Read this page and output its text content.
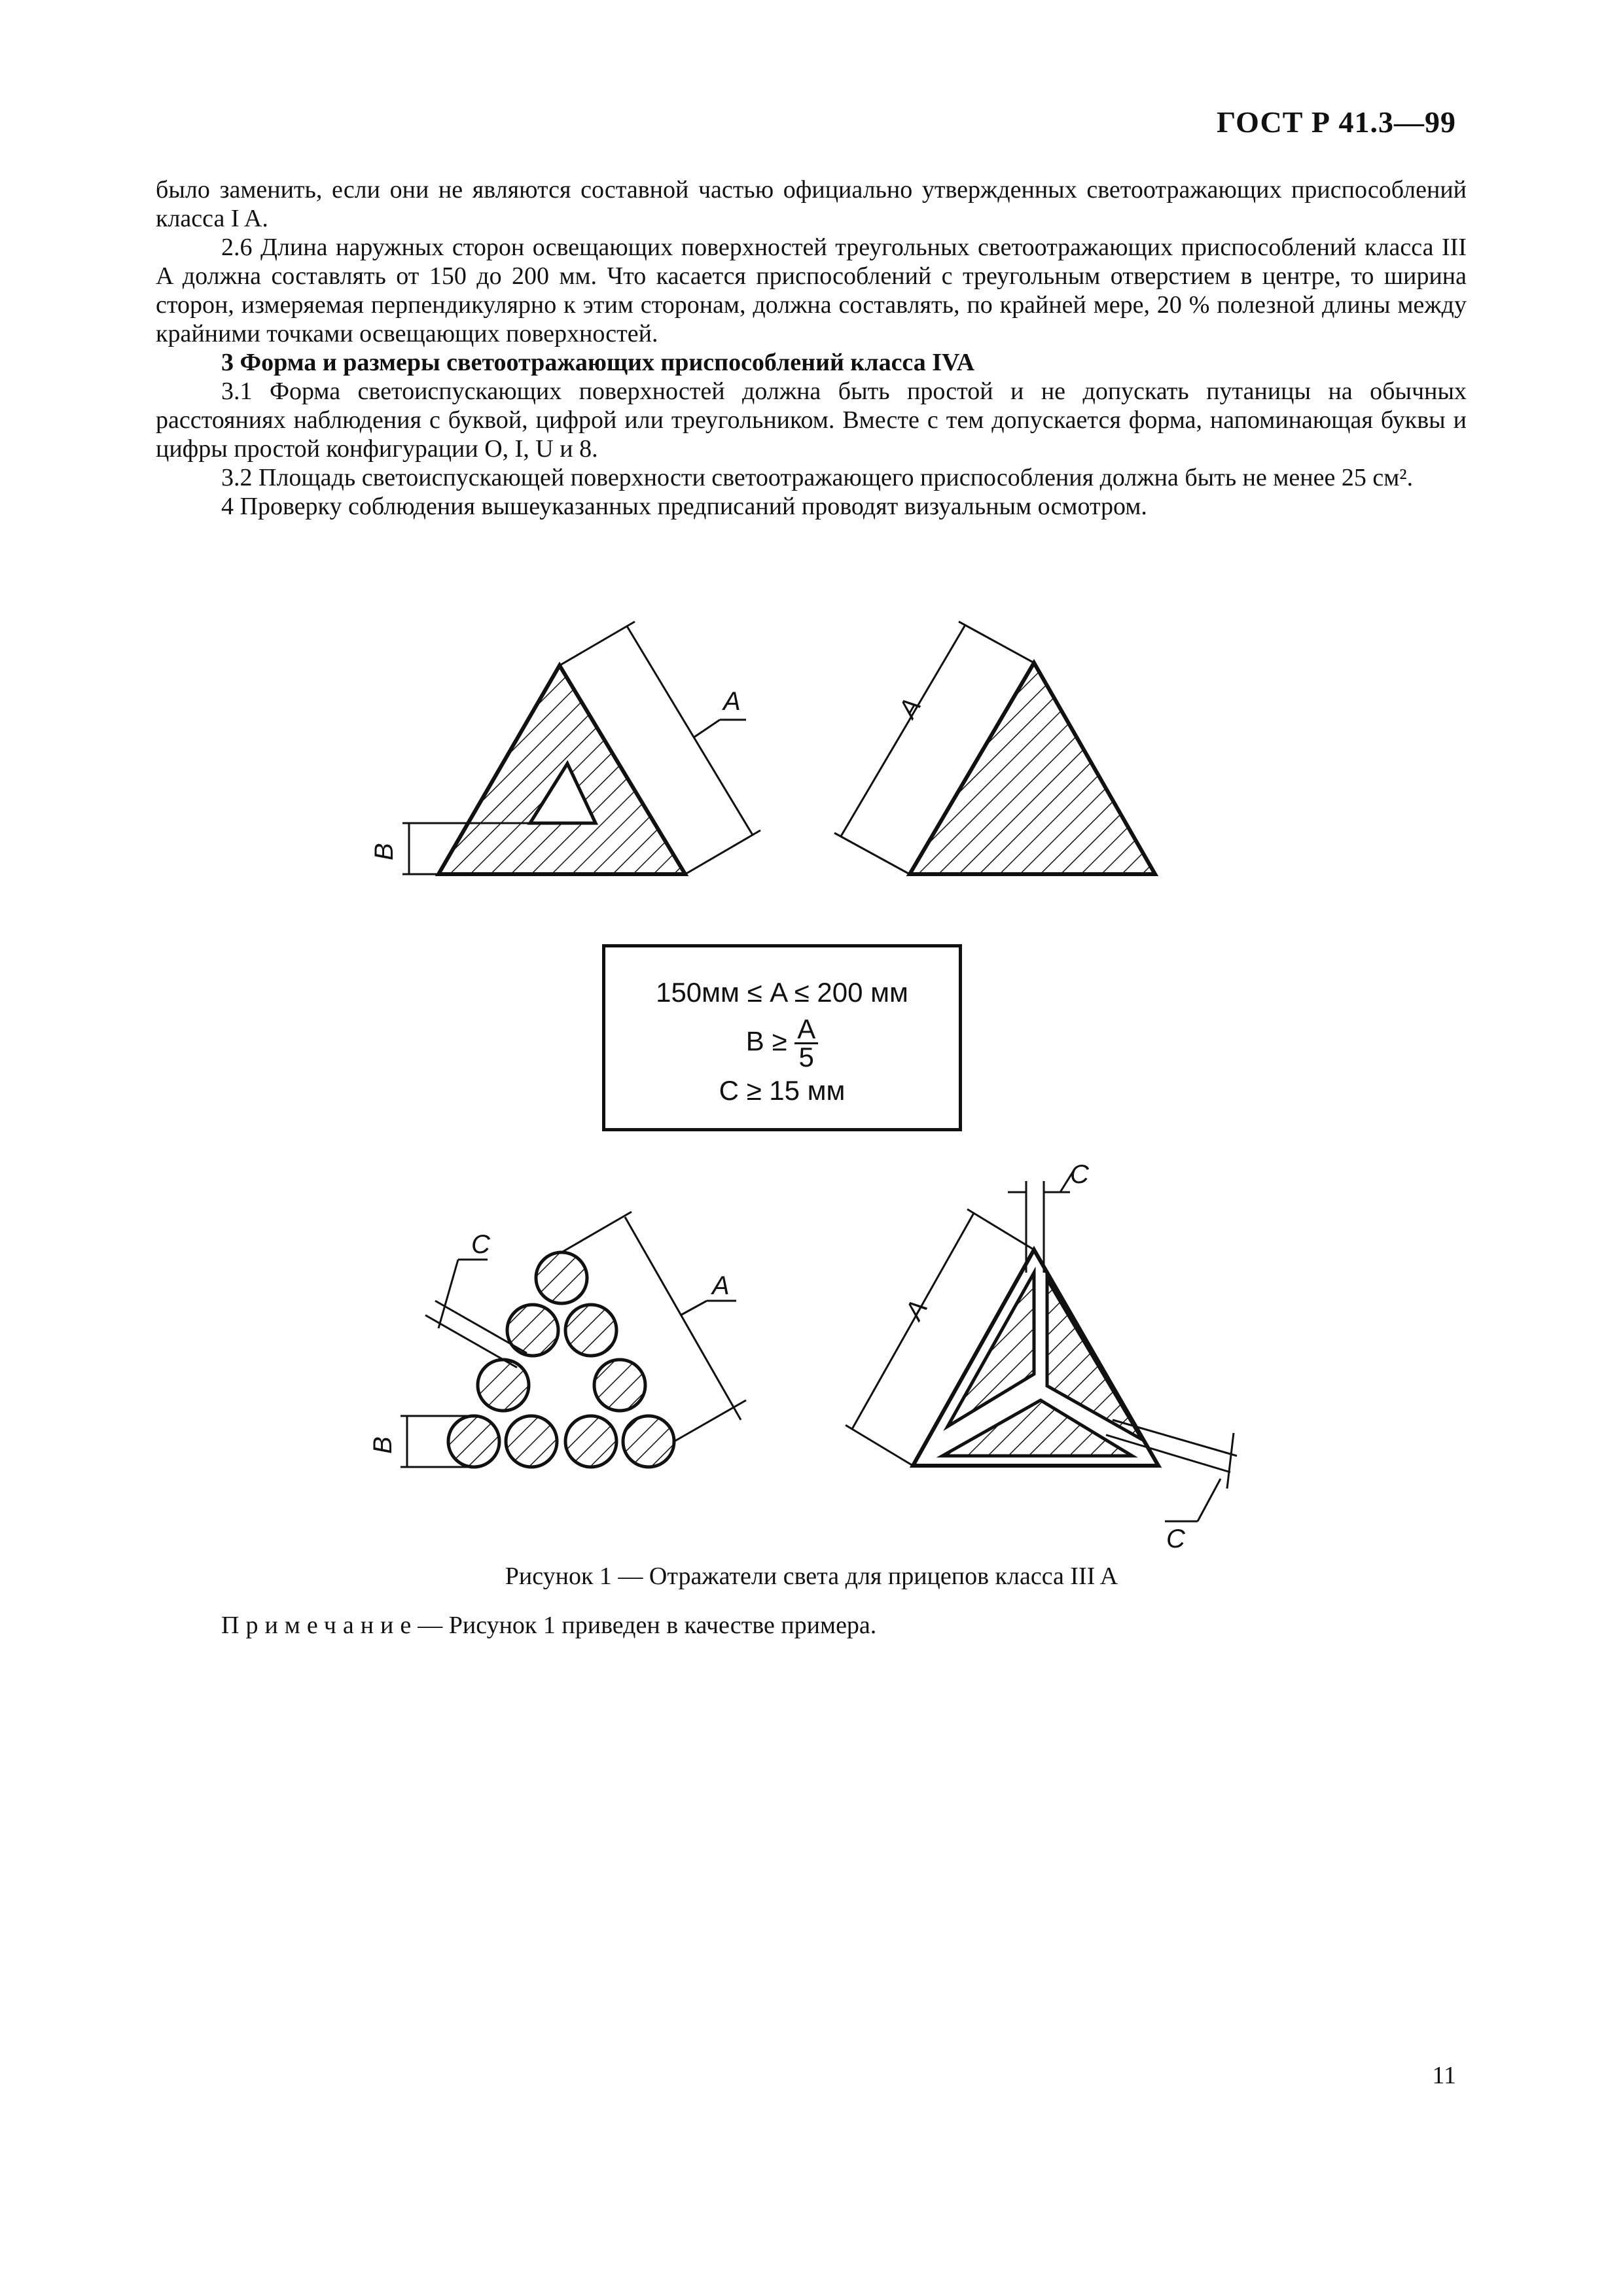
ГОСТ Р 41.3—99

было заменить, если они не являются составной частью официально утвержденных светоотражающих приспособлений класса I A.

2.6 Длина наружных сторон освещающих поверхностей треугольных светоотражающих приспособлений класса III A должна составлять от 150 до 200 мм. Что касается приспособлений с треугольным отверстием в центре, то ширина сторон, измеряемая перпендикулярно к этим сторонам, должна составлять, по крайней мере, 20 % полезной длины между крайними точками освещающих поверхностей.

3 Форма и размеры светоотражающих приспособлений класса IVA

3.1 Форма светоиспускающих поверхностей должна быть простой и не допускать путаницы на обычных расстояниях наблюдения с буквой, цифрой или треугольником. Вместе с тем допускается форма, напоминающая буквы и цифры простой конфигурации O, I, U и 8.

3.2 Площадь светоиспускающей поверхности светоотражающего приспособления должна быть не менее 25 см².

4 Проверку соблюдения вышеуказанных предписаний проводят визуальным осмотром.

A
B
A
A
C
B
A
C
C
150мм ≤ A ≤ 200 мм
$B \ge \frac{A}{5}$
C ≥ 15 мм
Рисунок 1 — Отражатели света для прицепов класса III A
Примечание— Рисунок 1 приведен в качестве примера.
11
